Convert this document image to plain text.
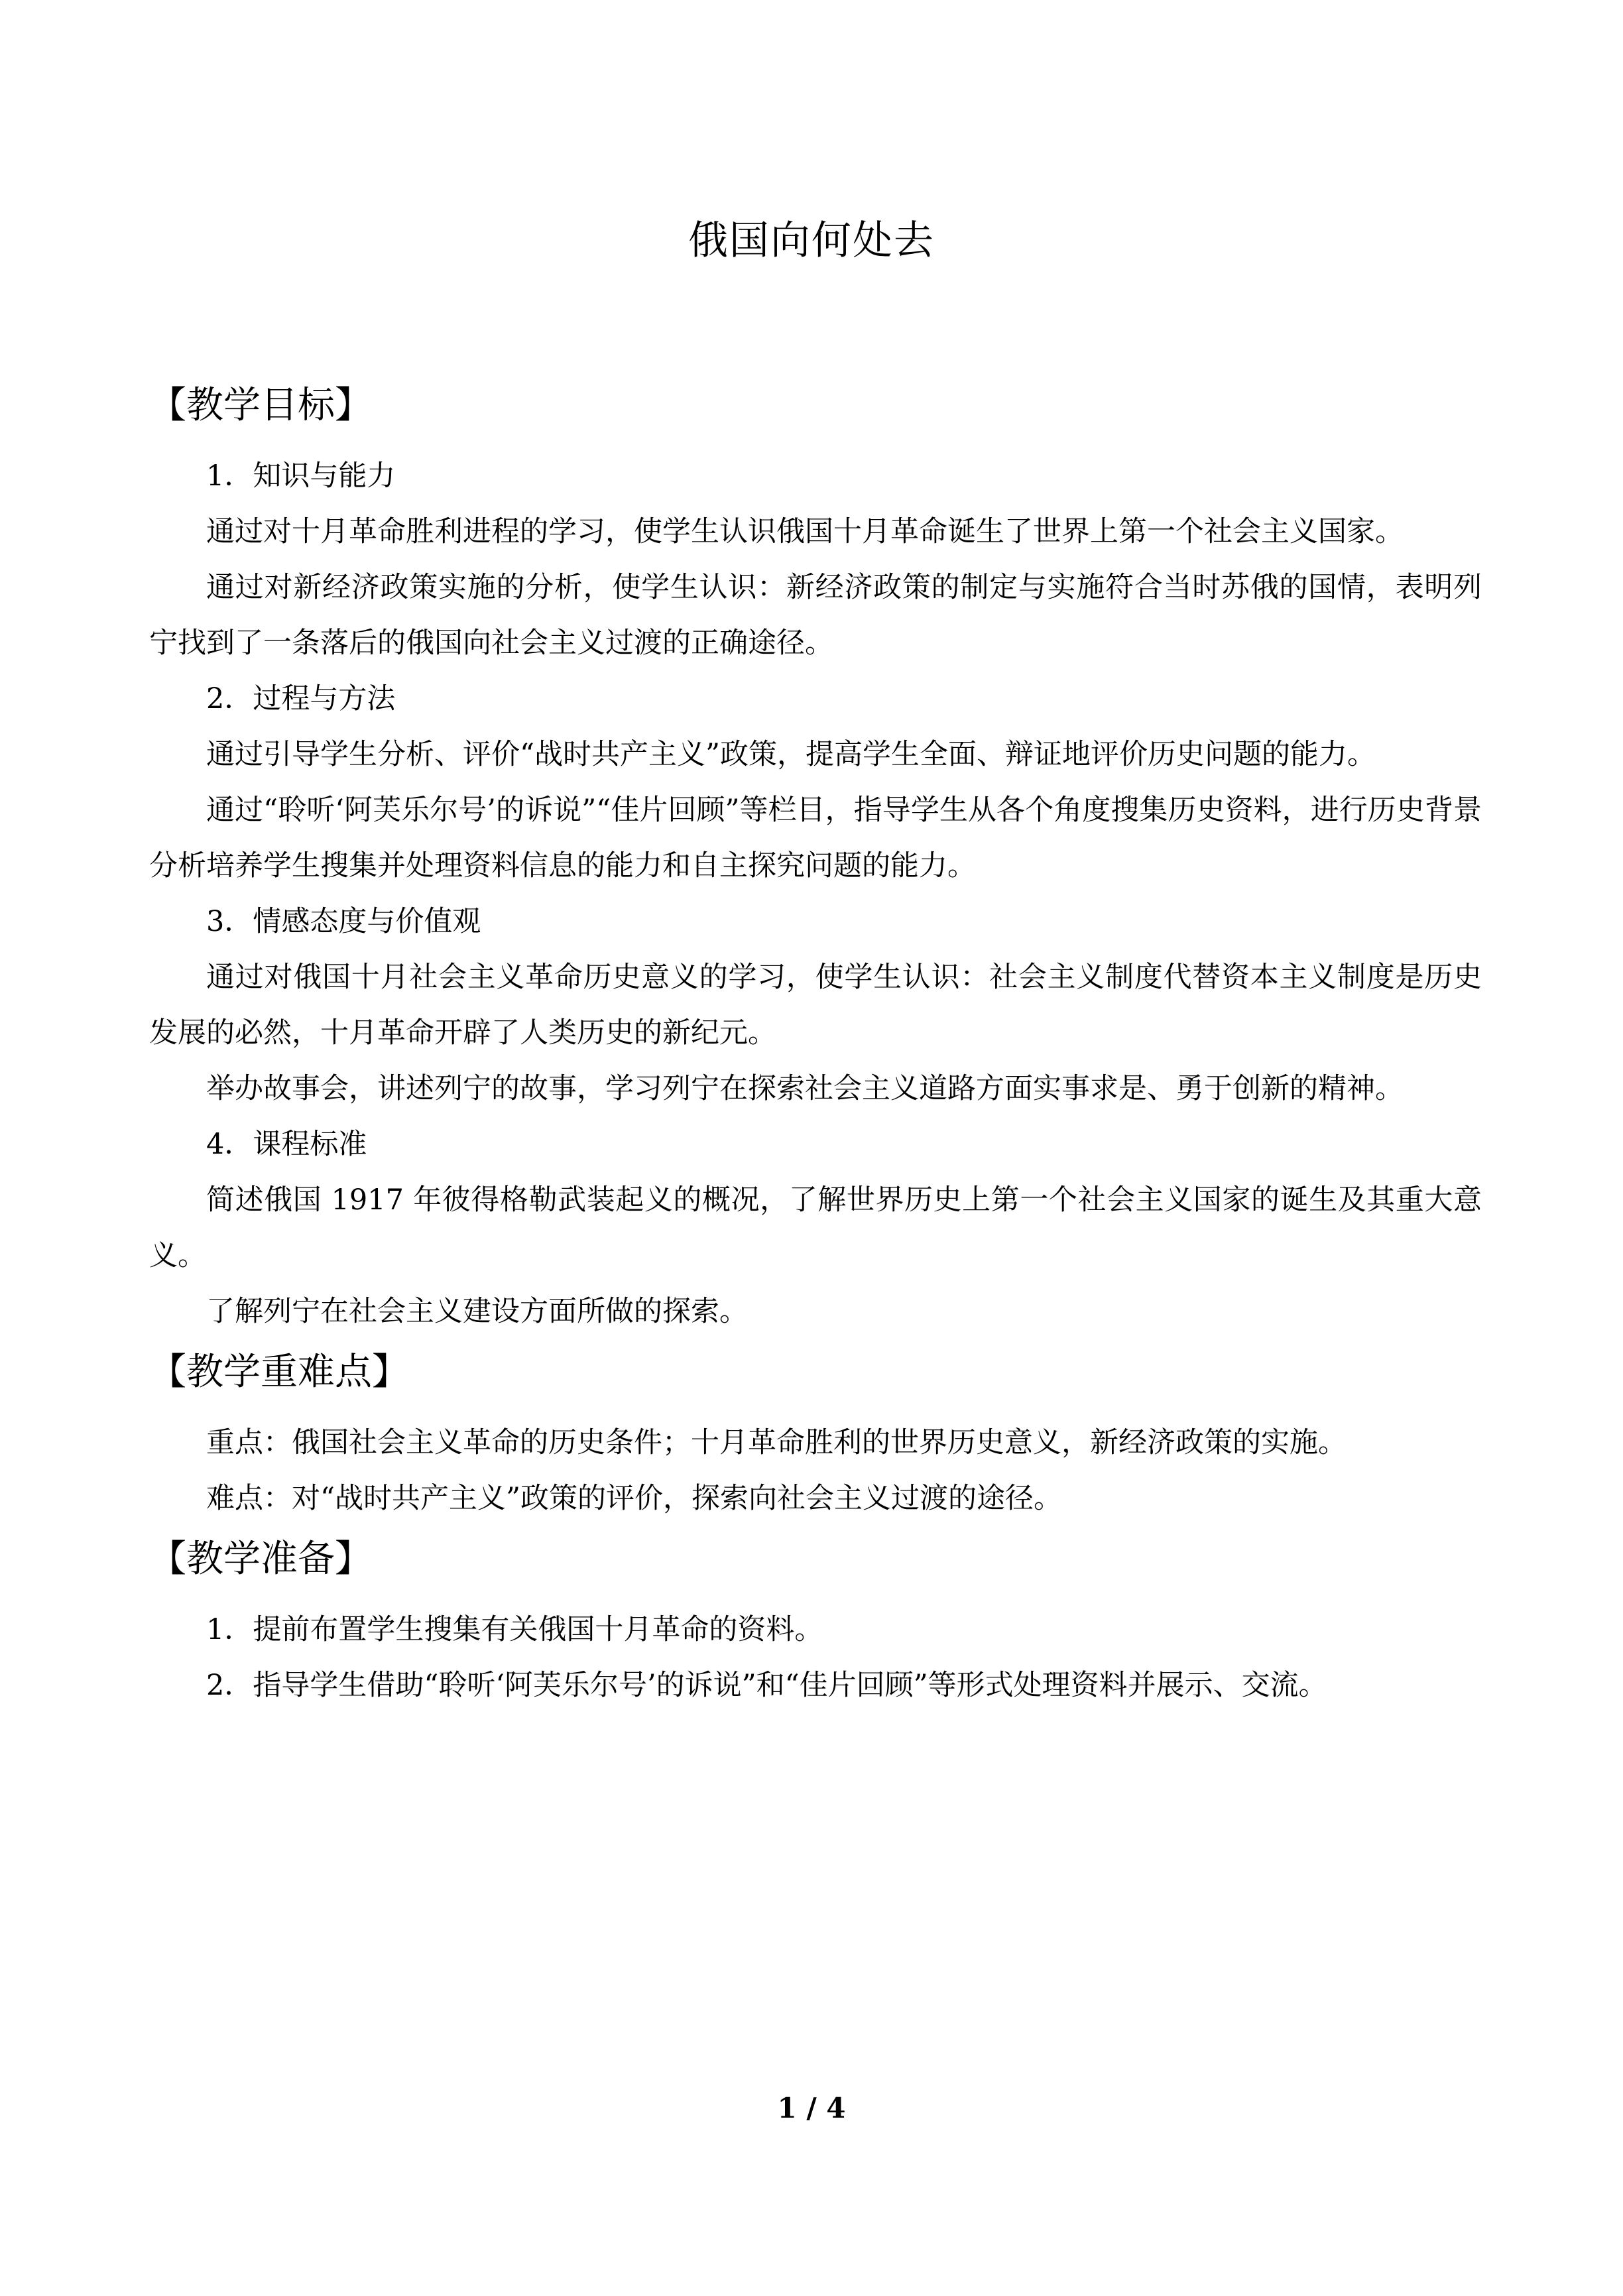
俄国向何处去
【教学目标】

1．知识与能力

通过对十月革命胜利进程的学习，使学生认识俄国十月革命诞生了世界上第一个社会主义国家。

通过对新经济政策实施的分析，使学生认识：新经济政策的制定与实施符合当时苏俄的国情，表明列宁找到了一条落后的俄国向社会主义过渡的正确途径。

2．过程与方法

通过引导学生分析、评价“战时共产主义”政策，提高学生全面、辩证地评价历史问题的能力。

通过“聆听‘阿芙乐尔号’的诉说”“佳片回顾”等栏目，指导学生从各个角度搜集历史资料，进行历史背景分析培养学生搜集并处理资料信息的能力和自主探究问题的能力。

3．情感态度与价值观

通过对俄国十月社会主义革命历史意义的学习，使学生认识：社会主义制度代替资本主义制度是历史发展的必然，十月革命开辟了人类历史的新纪元。

举办故事会，讲述列宁的故事，学习列宁在探索社会主义道路方面实事求是、勇于创新的精神。

4．课程标准

简述俄国 1917 年彼得格勒武装起义的概况，了解世界历史上第一个社会主义国家的诞生及其重大意义。

了解列宁在社会主义建设方面所做的探索。

【教学重难点】

重点：俄国社会主义革命的历史条件；十月革命胜利的世界历史意义，新经济政策的实施。

难点：对“战时共产主义”政策的评价，探索向社会主义过渡的途径。

【教学准备】

1．提前布置学生搜集有关俄国十月革命的资料。

2．指导学生借助“聆听‘阿芙乐尔号’的诉说”和“佳片回顾”等形式处理资料并展示、交流。

1 / 4
